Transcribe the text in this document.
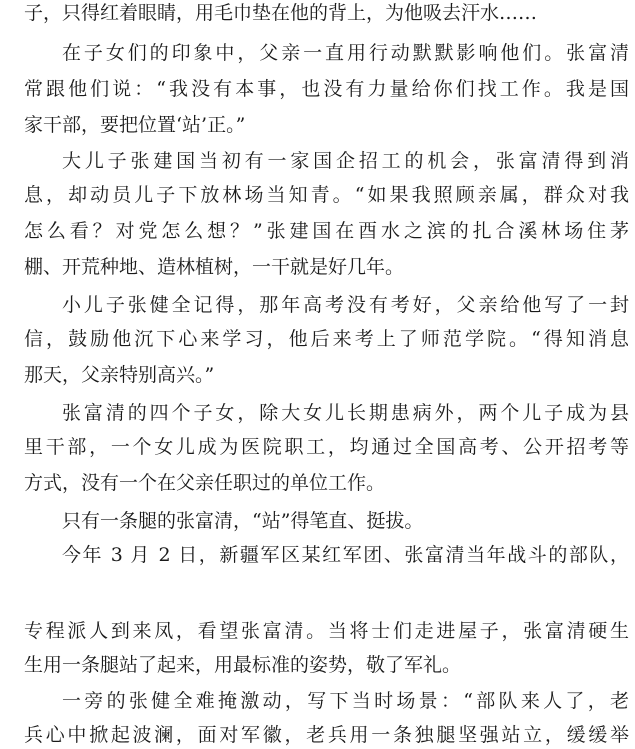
子，只得红着眼睛，用毛巾垫在他的背上，为他吸去汗水……
在子女们的印象中，父亲一直用行动默默影响他们。张富清
常跟他们说：“我没有本事，也没有力量给你们找工作。我是国
家干部，要把位置‘站’正。”
大儿子张建国当初有一家国企招工的机会，张富清得到消
息，却动员儿子下放林场当知青。“如果我照顾亲属，群众对我
怎么看？对党怎么想？”张建国在酉水之滨的扎合溪林场住茅
棚、开荒种地、造林植树，一干就是好几年。
小儿子张健全记得，那年高考没有考好，父亲给他写了一封
信，鼓励他沉下心来学习，他后来考上了师范学院。“得知消息
那天，父亲特别高兴。”
张富清的四个子女，除大女儿长期患病外，两个儿子成为县
里干部，一个女儿成为医院职工，均通过全国高考、公开招考等
方式，没有一个在父亲任职过的单位工作。
只有一条腿的张富清，“站”得笔直、挺拔。
今年 3 月 2 日，新疆军区某红军团、张富清当年战斗的部队，
专程派人到来凤，看望张富清。当将士们走进屋子，张富清硬生
生用一条腿站了起来，用最标准的姿势，敬了军礼。
一旁的张健全难掩激动，写下当时场景：“部队来人了，老
兵心中掀起波澜，面对军徽，老兵用一条独腿坚强站立，缓缓举
